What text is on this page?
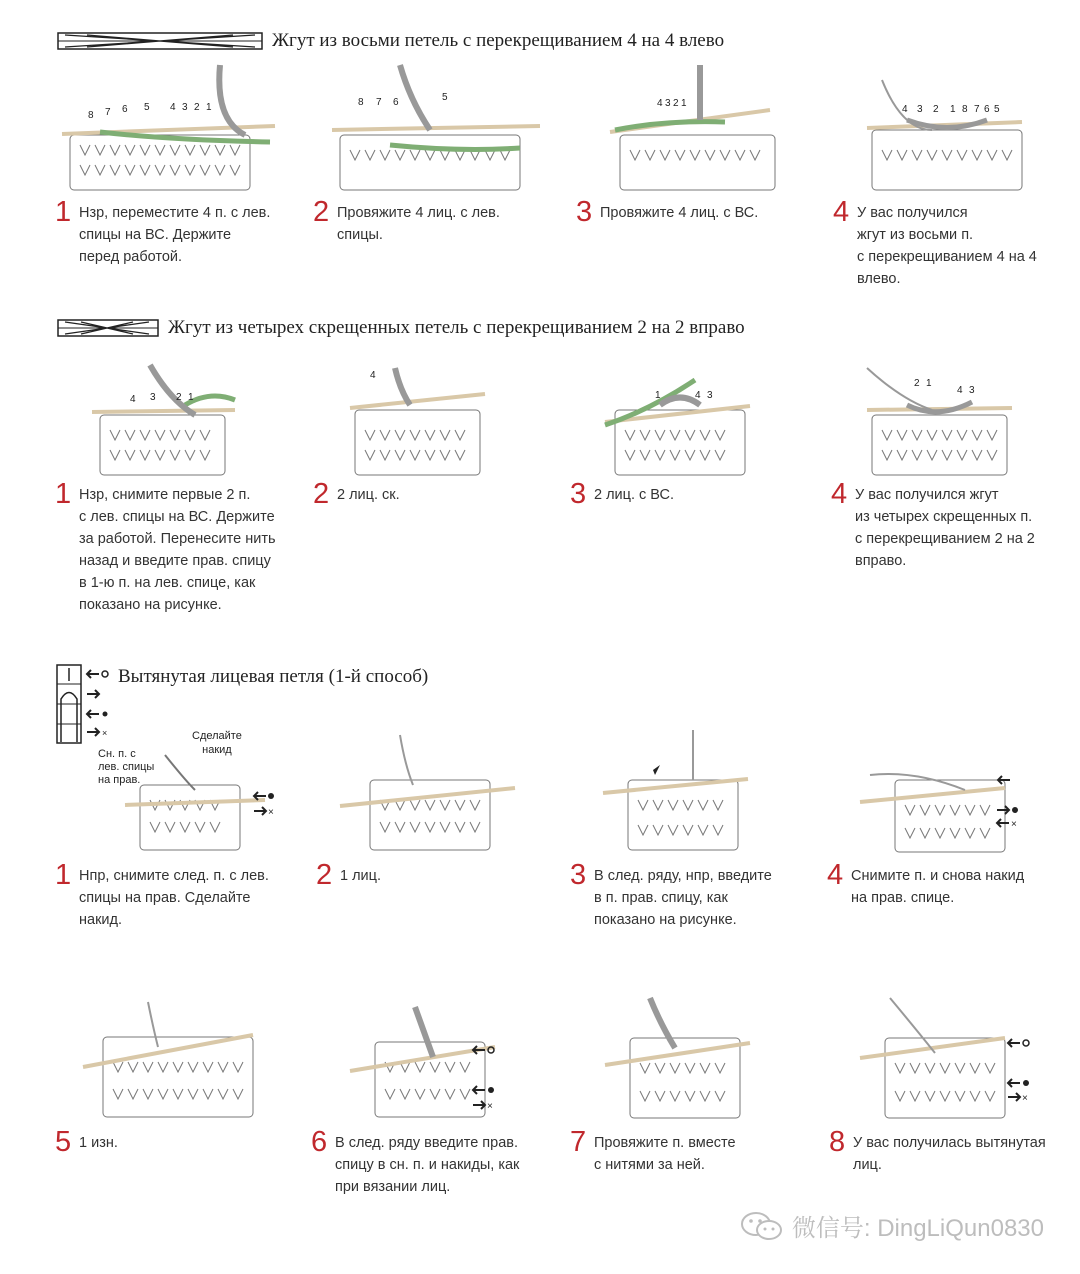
Жгут из восьми петель с перекрещиванием 4 на 4 влево
8 7 6 5 4 3 2 1	8 7 6	5
4 3 2 1
4 3 2 1 8 7 6 5
1 Нзр, переместите 4 п. с лев.
спицы на ВС. Держите
перед работой.
2 Провяжите 4 лиц. с лев.
спицы.
3 Провяжите 4 лиц. с ВС.	4 У вас получился
жгут из восьми п.
с перекрещиванием 4 на 4
влево.
Жгут из четырех скрещенных петель с перекрещиванием 2 на 2 вправо
4 3 2 1
4
1	4 3
2 1
4 3
1 Нзр, снимите первые 2 п.
с лев. спицы на ВС. Держите
за работой. Перенесите нить
назад и введите прав. спицу
в 1-ю п. на лев. спице, как
показано на рисунке.
2 2 лиц. ск.	3 2 лиц. с ВС.	4 У вас получился жгут
из четырех скрещенных п.
с перекрещиванием 2 на 2
вправо.
×
Вытянутая лицевая петля (1-й способ)
Сделайте
накид
Сн. п. с
лев. спицы
на прав.
×
×
1 Нпр, снимите след. п. с лев.
спицы на прав. Сделайте
накид.
2 1 лиц.	3 В след. ряду, нпр, введите
в п. прав. спицу, как
показано на рисунке.
4 Снимите п. и снова накид
на прав. спице.
×
×
5 1 изн.	6 В след. ряду введите прав.
спицу в сн. п. и накиды, как
при вязании лиц.
7 Провяжите п. вместе
с нитями за ней.
8 У вас получилась вытянутая
лиц.
微信号: DingLiQun0830
